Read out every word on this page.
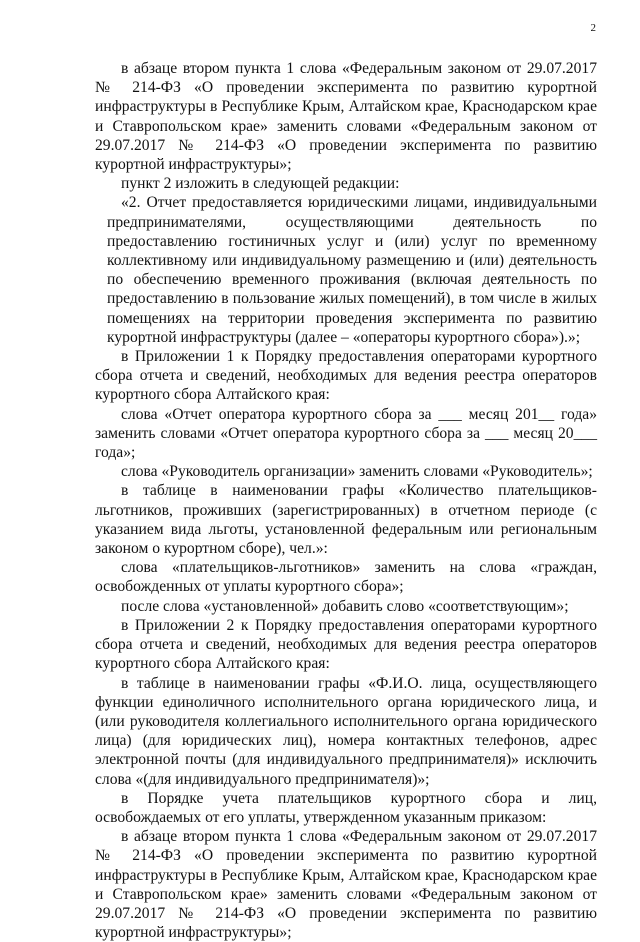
2

в абзаце втором пункта 1 слова «Федеральным законом от 29.07.2017 № 214-ФЗ «О проведении эксперимента по развитию курортной инфраструктуры в Республике Крым, Алтайском крае, Краснодарском крае и Ставропольском крае» заменить словами «Федеральным законом от 29.07.2017 № 214-ФЗ «О проведении эксперимента по развитию курортной инфраструктуры»;

пункт 2 изложить в следующей редакции:

«2. Отчет предоставляется юридическими лицами, индивидуальными предпринимателями, осуществляющими деятельность по предоставлению гостиничных услуг и (или) услуг по временному коллективному или индивидуальному размещению и (или) деятельность по обеспечению временного проживания (включая деятельность по предоставлению в пользование жилых помещений), в том числе в жилых помещениях на территории проведения эксперимента по развитию курортной инфраструктуры (далее – «операторы курортного сбора»).»;

в Приложении 1 к Порядку предоставления операторами курортного сбора отчета и сведений, необходимых для ведения реестра операторов курортного сбора Алтайского края:

слова «Отчет оператора курортного сбора за ___ месяц 201__ года» заменить словами «Отчет оператора курортного сбора за ___ месяц 20___ года»;

слова «Руководитель организации» заменить словами «Руководитель»;

в таблице в наименовании графы «Количество плательщиков-льготников, проживших (зарегистрированных) в отчетном периоде (с указанием вида льготы, установленной федеральным или региональным законом о курортном сборе), чел.»:

слова «плательщиков-льготников» заменить на слова «граждан, освобожденных от уплаты курортного сбора»;

после слова «установленной» добавить слово «соответствующим»;

в Приложении 2 к Порядку предоставления операторами курортного сбора отчета и сведений, необходимых для ведения реестра операторов курортного сбора Алтайского края:

в таблице в наименовании графы «Ф.И.О. лица, осуществляющего функции единоличного исполнительного органа юридического лица, и (или руководителя коллегиального исполнительного органа юридического лица) (для юридических лиц), номера контактных телефонов, адрес электронной почты (для индивидуального предпринимателя)» исключить слова «(для индивидуального предпринимателя)»;

в Порядке учета плательщиков курортного сбора и лиц, освобождаемых от его уплаты, утвержденном указанным приказом:

в абзаце втором пункта 1 слова «Федеральным законом от 29.07.2017 № 214-ФЗ «О проведении эксперимента по развитию курортной инфраструктуры в Республике Крым, Алтайском крае, Краснодарском крае и Ставропольском крае» заменить словами «Федеральным законом от 29.07.2017 № 214-ФЗ «О проведении эксперимента по развитию курортной инфраструктуры»;
